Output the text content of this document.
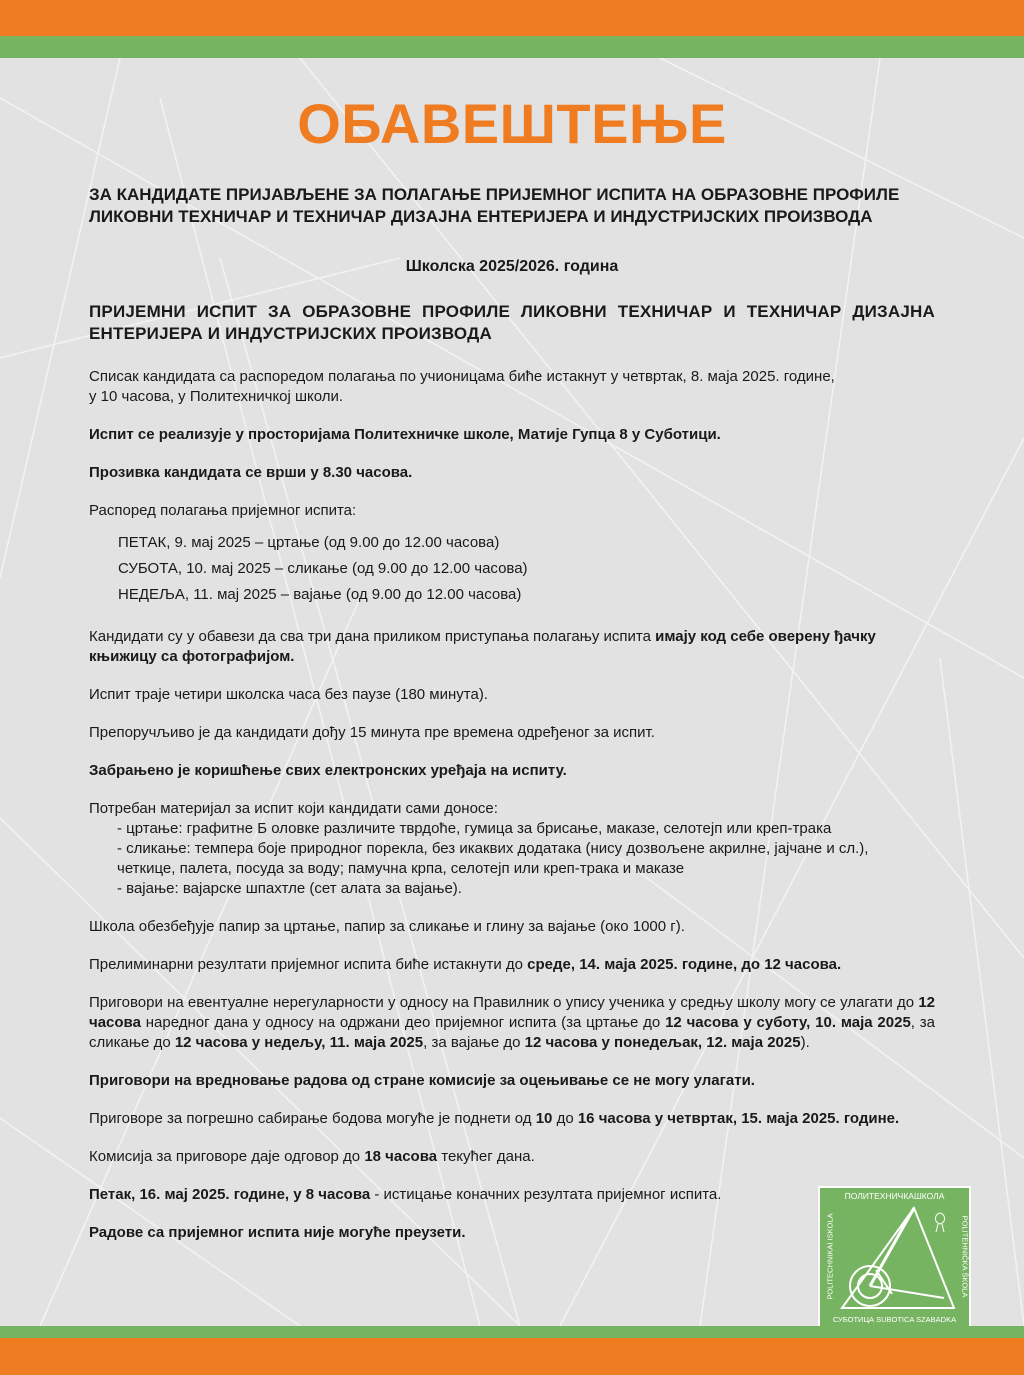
ОБАВЕШТЕЊЕ
ЗА КАНДИДАТЕ ПРИЈАВЉЕНЕ ЗА ПОЛАГАЊЕ ПРИЈЕМНОГ ИСПИТА НА ОБРАЗОВНЕ ПРОФИЛЕ
ЛИКОВНИ ТЕХНИЧАР И ТЕХНИЧАР ДИЗАЈНА ЕНТЕРИЈЕРА И ИНДУСТРИЈСКИХ ПРОИЗВОДА
Школска 2025/2026. година
ПРИЈЕМНИ ИСПИТ ЗА ОБРАЗОВНЕ ПРОФИЛЕ ЛИКОВНИ ТЕХНИЧАР И ТЕХНИЧАР ДИЗАЈНА ЕНТЕРИЈЕРА И ИНДУСТРИЈСКИХ ПРОИЗВОДА

Списак кандидата са распоредом полагања по учионицама биће истакнут у четвртак, 8. маја 2025. године,
у 10 часова, у Политехничкој школи.

Испит се реализује у просторијама Политехничке школе, Матије Гупца 8 у Суботици.

Прозивка кандидата се врши у 8.30 часова.

Распоред полагања пријемног испита:

ПЕТАК, 9. мај 2025 – цртање (од 9.00 до 12.00 часова)
СУБОТА, 10. мај 2025 – сликање (од 9.00 до 12.00 часова)
НЕДЕЉА, 11. мај 2025 – вајање (од 9.00 до 12.00 часова)

Кандидати су у обавези да сва три дана приликом приступања полагању испита имају код себе оверену ђачку књижицу са фотографијом.

Испит траје четири школска часа без паузе (180 минута).

Препоручљиво је да кандидати дођу 15 минута пре времена одређеног за испит.

Забрањено је коришћење свих електронских уређаја на испиту.

Потребан материјал за испит који кандидати сами доносе:

- цртање: графитне Б оловке различите тврдоће, гумица за брисање, маказе, селотејп или креп-трака

- сликање: темпера боје природног порекла, без икаквих додатака (нису дозвољене акрилне, јајчане и сл.),

четкице, палета, посуда за воду; памучна крпа, селотејп или креп-трака и маказе

- вајање: вајарске шпахтле (сет алата за вајање).

Школа обезбеђује папир за цртање, папир за сликање и глину за вајање (око 1000 г).

Прелиминарни резултати пријемног испита биће истакнути до среде, 14. маја 2025. године, до 12 часова.

Приговори на евентуалне нерегуларности у односу на Правилник о упису ученика у средњу школу могу се улагати до 12 часова наредног дана у односу на одржани део пријемног испита (за цртање до 12 часова у суботу, 10. маја 2025, за сликање до 12 часова у недељу, 11. маја 2025, за вајање до 12 часова у понедељак, 12. маја 2025).

Приговори на вредновање радова од стране комисије за оцењивање се не могу улагати.

Приговоре за погрешно сабирање бодова могуће је поднети од 10 до 16 часова у четвртак, 15. маја 2025. године.

Комисија за приговоре даје одговор до 18 часова текућег дана.

Петак, 16. мај 2025. године, у 8 часова - истицање коначних резултата пријемног испита.

Радове са пријемног испита није могуће преузети.

ПОЛИТЕХНИЧКАШКОЛА
POLITECHNIKAI ISKOLA	POLITEHNIČKA ŠKOLA
СУБОТИЦА SUBOTICA SZABADKA
